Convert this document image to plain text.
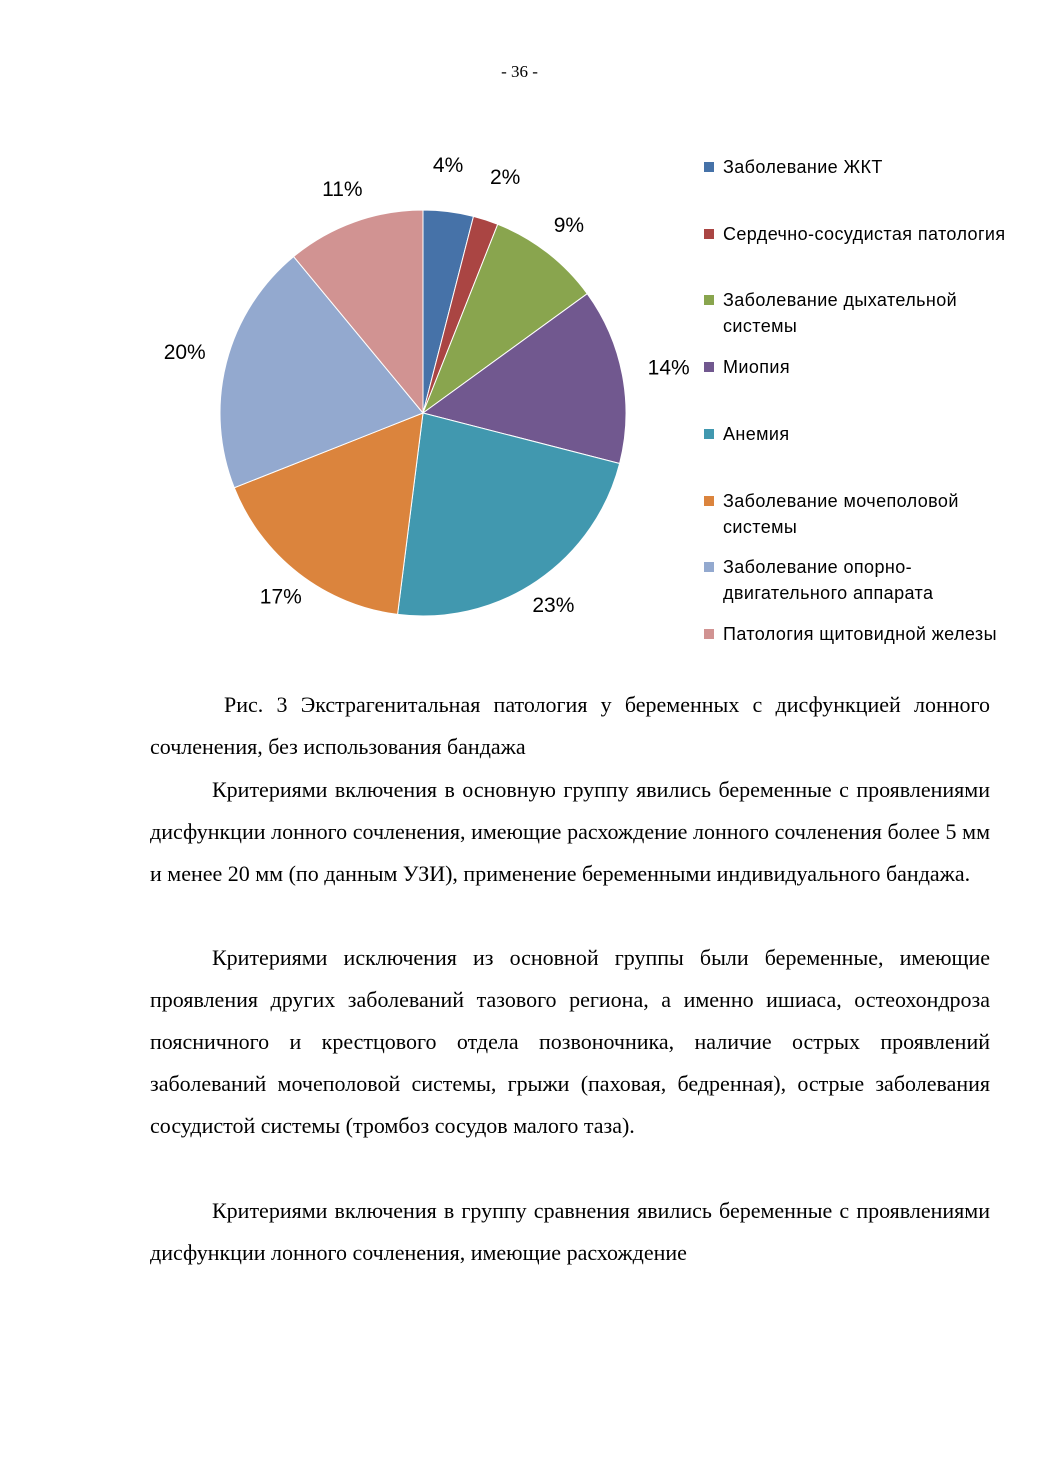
- 36 -
4%
2%
9%
14%
23%
17%
20%
11%
Заболевание ЖКТ
Сердечно-сосудистая патология
Заболевание дыхательной системы
Миопия
Анемия
Заболевание мочеполовой системы
Заболевание опорно-двигательного аппарата
Патология щитовидной железы
Рис. 3 Экстрагенитальная патология у беременных с дисфункцией лонного сочленения, без использования бандажа
Критериями включения в основную группу явились беременные с проявлениями дисфункции лонного сочленения, имеющие расхождение лонного сочленения более 5 мм и менее 20 мм (по данным УЗИ), применение беременными индивидуального бандажа.
Критериями исключения из основной группы были беременные, имеющие проявления других заболеваний тазового региона, а именно ишиаса, остеохондроза поясничного и крестцового отдела позвоночника, наличие острых проявлений заболеваний мочеполовой системы, грыжи (паховая, бедренная), острые заболевания сосудистой системы (тромбоз сосудов малого таза).
Критериями включения в группу сравнения явились беременные с проявлениями дисфункции лонного сочленения, имеющие расхождение
